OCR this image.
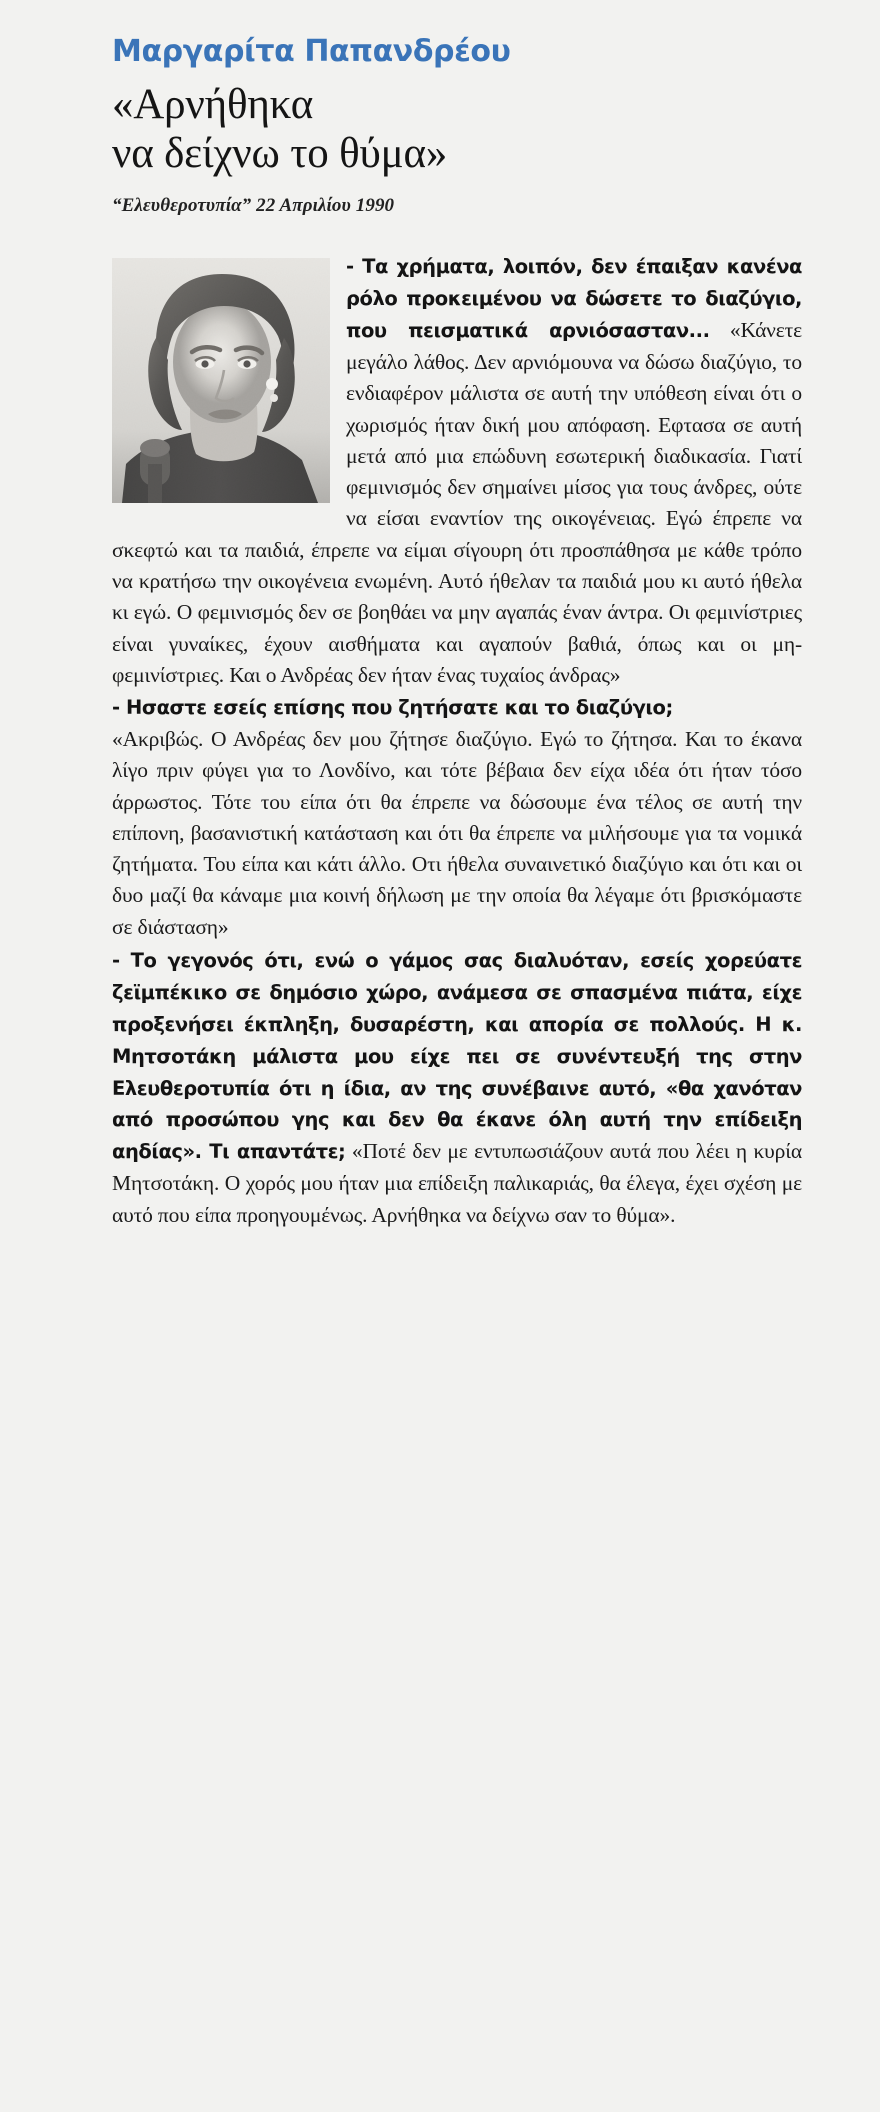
Μαργαρίτα Παπανδρέου
«Αρνήθηκα
να δείχνω το θύμα»
“Ελευθεροτυπία” 22 Απριλίου 1990

- Τα χρήματα, λοιπόν, δεν έπαιξαν κανένα ρόλο προκειμένου να δώσετε το διαζύγιο, που πεισματικά αρνιόσασταν... «Κάνετε μεγάλο λάθος. Δεν αρνιόμουνα να δώσω διαζύγιο, το ενδιαφέρον μάλιστα σε αυτή την υπόθεση είναι ότι ο χωρισμός ήταν δική μου απόφαση. Εφτασα σε αυτή μετά από μια επώδυνη εσωτερική διαδικασία. Γιατί φεμινισμός δεν σημαίνει μίσος για τους άνδρες, ούτε να είσαι εναντίον της οικογένειας. Εγώ έπρεπε να σκεφτώ και τα παιδιά, έπρεπε να είμαι σίγουρη ότι προσπάθησα με κάθε τρόπο να κρατήσω την οικογένεια ενωμένη. Αυτό ήθελαν τα παιδιά μου κι αυτό ήθελα κι εγώ. Ο φεμινισμός δεν σε βοηθάει να μην αγαπάς έναν άντρα. Οι φεμινίστριες είναι γυναίκες, έχουν αισθήματα και αγαπούν βαθιά, όπως και οι μη-φεμινίστριες. Και ο Ανδρέας δεν ήταν ένας τυχαίος άνδρας»

- Ησαστε εσείς επίσης που ζητήσατε και το διαζύγιο;
«Ακριβώς. Ο Ανδρέας δεν μου ζήτησε διαζύγιο. Εγώ το ζήτησα. Και το έκανα λίγο πριν φύγει για το Λονδίνο, και τότε βέβαια δεν είχα ιδέα ότι ήταν τόσο άρρωστος. Τότε του είπα ότι θα έπρεπε να δώσουμε ένα τέλος σε αυτή την επίπονη, βασανιστική κατάσταση και ότι θα έπρεπε να μιλήσουμε για τα νομικά ζητήματα. Του είπα και κάτι άλλο. Οτι ήθελα συναινετικό διαζύγιο και ότι και οι δυο μαζί θα κάναμε μια κοινή δήλωση με την οποία θα λέγαμε ότι βρισκόμαστε σε διάσταση»

- Το γεγονός ότι, ενώ ο γάμος σας διαλυόταν, εσείς χορεύατε ζεϊμπέκικο σε δημόσιο χώρο, ανάμεσα σε σπασμένα πιάτα, είχε προξενήσει έκπληξη, δυσαρέστη, και απορία σε πολλούς. Η κ. Μητσοτάκη μάλιστα μου είχε πει σε συνέντευξή της στην Ελευθεροτυπία ότι η ίδια, αν της συνέβαινε αυτό, «θα χανόταν από προσώπου γης και δεν θα έκανε όλη αυτή την επίδειξη αηδίας». Τι απαντάτε; «Ποτέ δεν με εντυπωσιάζουν αυτά που λέει η κυρία Μητσοτάκη. Ο χορός μου ήταν μια επίδειξη παλικαριάς, θα έλεγα, έχει σχέση με αυτό που είπα προηγουμένως. Αρνήθηκα να δείχνω σαν το θύμα».
